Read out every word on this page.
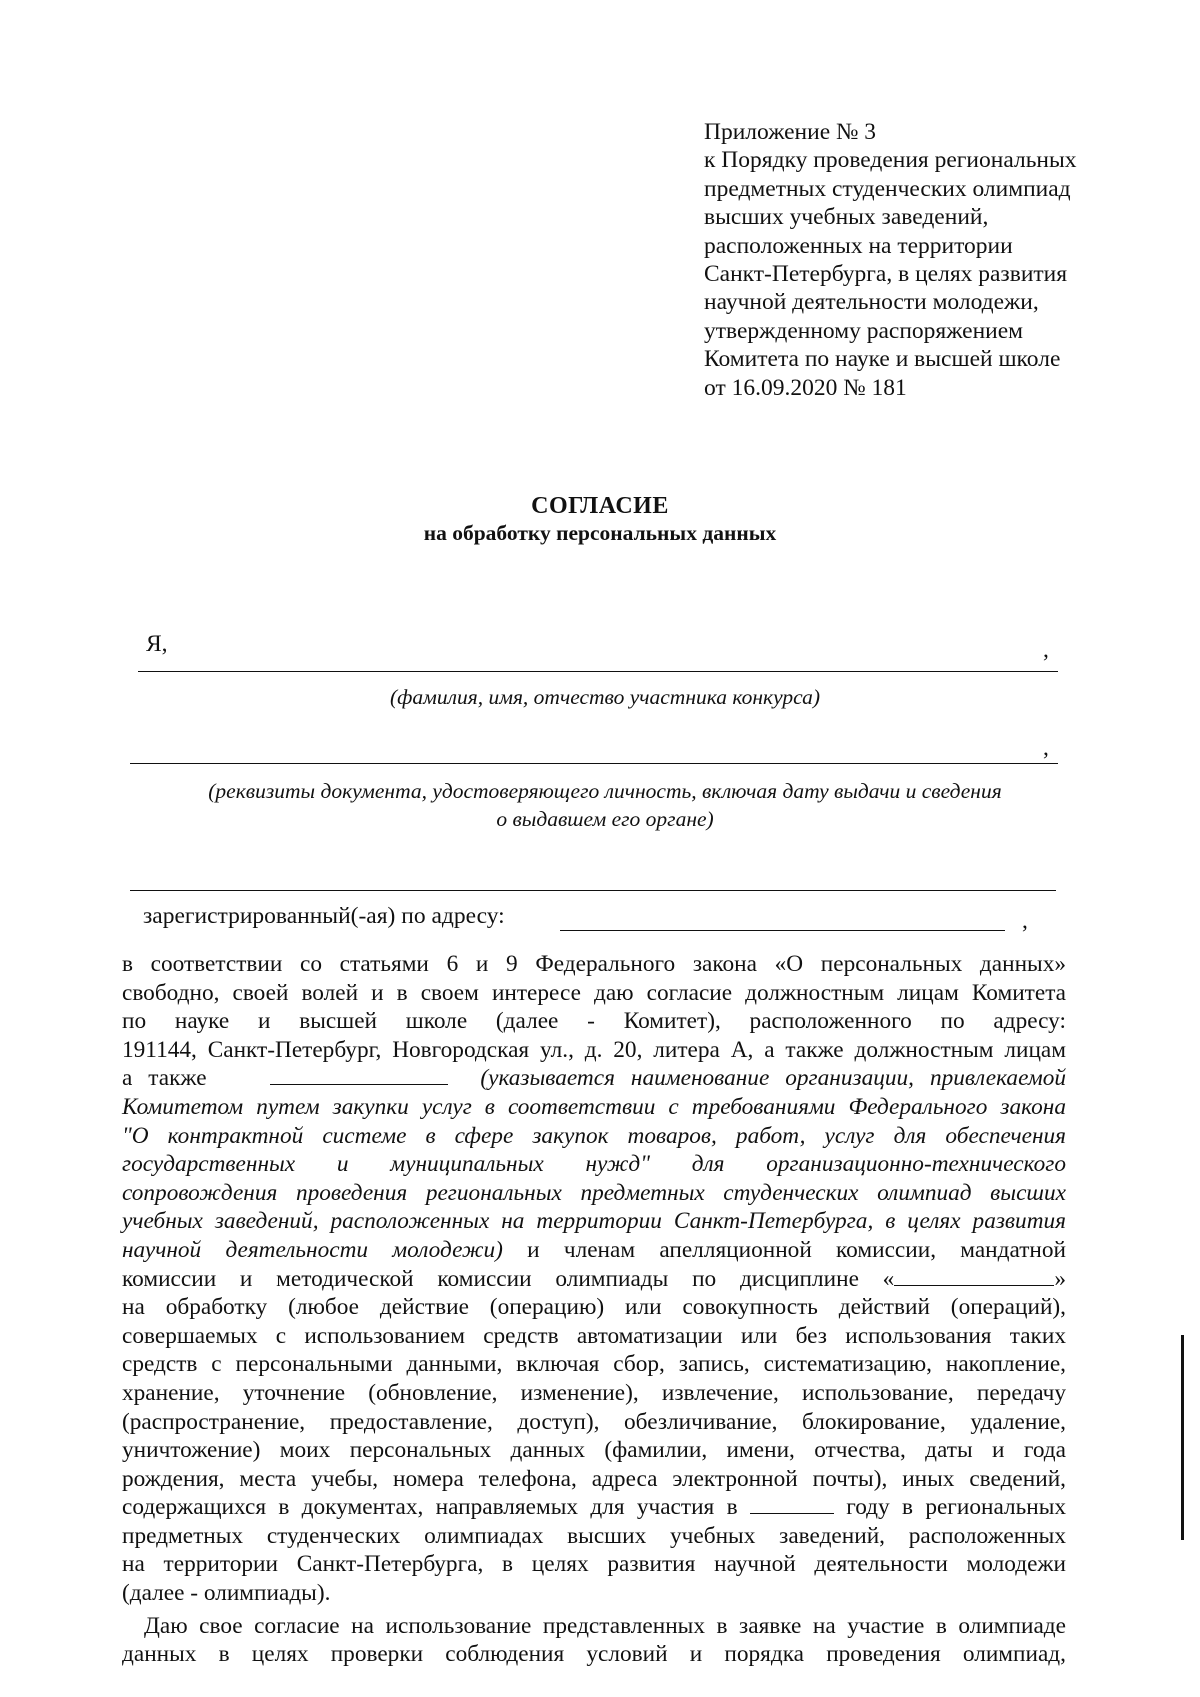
Приложение № 3
к Порядку проведения региональных
предметных студенческих олимпиад
высших учебных заведений,
расположенных на территории
Санкт-Петербурга, в целях развития
научной деятельности молодежи,
утвержденному распоряжением
Комитета по науке и высшей школе
от 16.09.2020 № 181
СОГЛАСИЕ
на обработку персональных данных
Я,	,
(фамилия, имя, отчество участника конкурса)
,
(реквизиты документа, удостоверяющего личность, включая дату выдачи и сведения
о выдавшем его органе)
зарегистрированный(-ая) по адресу:	,
в соответствии со статьями 6 и 9 Федерального закона «О персональных данных»
свободно, своей волей и в своем интересе даю согласие должностным лицам Комитета
по науке и высшей школе (далее - Комитет), расположенного по адресу:
191144, Санкт-Петербург, Новгородская ул., д. 20, литера А, а также должностным лицам
а также	(указывается наименование организации, привлекаемой
Комитетом путем закупки услуг в соответствии с требованиями Федерального закона
"О контрактной системе в сфере закупок товаров, работ, услуг для обеспечения
государственных и муниципальных нужд" для организационно-технического
сопровождения проведения региональных предметных студенческих олимпиад высших
учебных заведений, расположенных на территории Санкт-Петербурга, в целях развития
научной деятельности молодежи) и членам апелляционной комиссии, мандатной
комиссии и методической комиссии олимпиады по дисциплине «	»
на обработку (любое действие (операцию) или совокупность действий (операций),
совершаемых с использованием средств автоматизации или без использования таких
средств с персональными данными, включая сбор, запись, систематизацию, накопление,
хранение, уточнение (обновление, изменение), извлечение, использование, передачу
(распространение, предоставление, доступ), обезличивание, блокирование, удаление,
уничтожение) моих персональных данных (фамилии, имени, отчества, даты и года
рождения, места учебы, номера телефона, адреса электронной почты), иных сведений,
содержащихся в документах, направляемых для участия в	году в региональных
предметных студенческих олимпиадах высших учебных заведений, расположенных
на территории Санкт-Петербурга, в целях развития научной деятельности молодежи
(далее - олимпиады).
Даю свое согласие на использование представленных в заявке на участие в олимпиаде
данных в целях проверки соблюдения условий и порядка проведения олимпиад,
